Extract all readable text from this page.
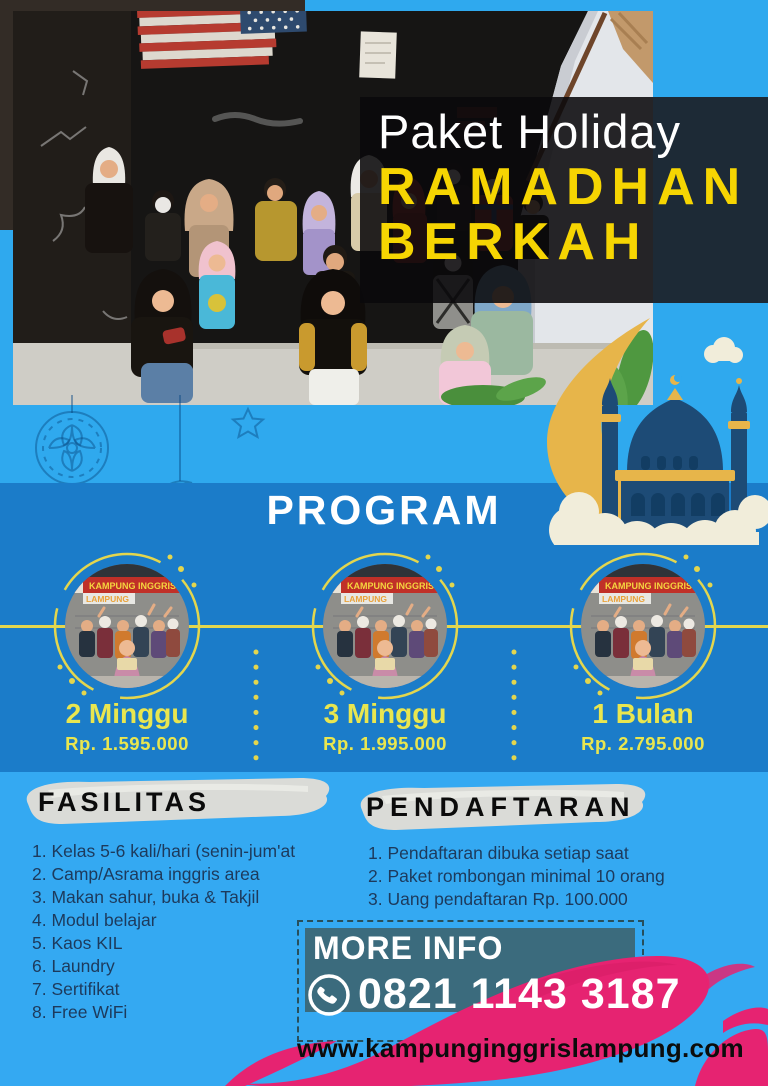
Paket Holiday
RAMADHAN
BERKAH
PROGRAM
KAMPUNG INGGRIS
LAMPUNG
KAMPUNG INGGRIS
LAMPUNG
KAMPUNG INGGRIS
LAMPUNG
2 Minggu
Rp. 1.595.000
3 Minggu
Rp. 1.995.000
1 Bulan
Rp. 2.795.000
FASILITAS	PENDAFTARAN
Kelas 5-6 kali/hari (senin-jum'at
Camp/Asrama inggris area
Makan sahur, buka & Takjil
Modul belajar
Kaos KIL
Laundry
Sertifikat
Free WiFi
Pendaftaran dibuka setiap saat
Paket rombongan minimal 10 orang
Uang pendaftaran Rp. 100.000
MORE INFO
0821 1143 3187
www.kampunginggrislampung.com
